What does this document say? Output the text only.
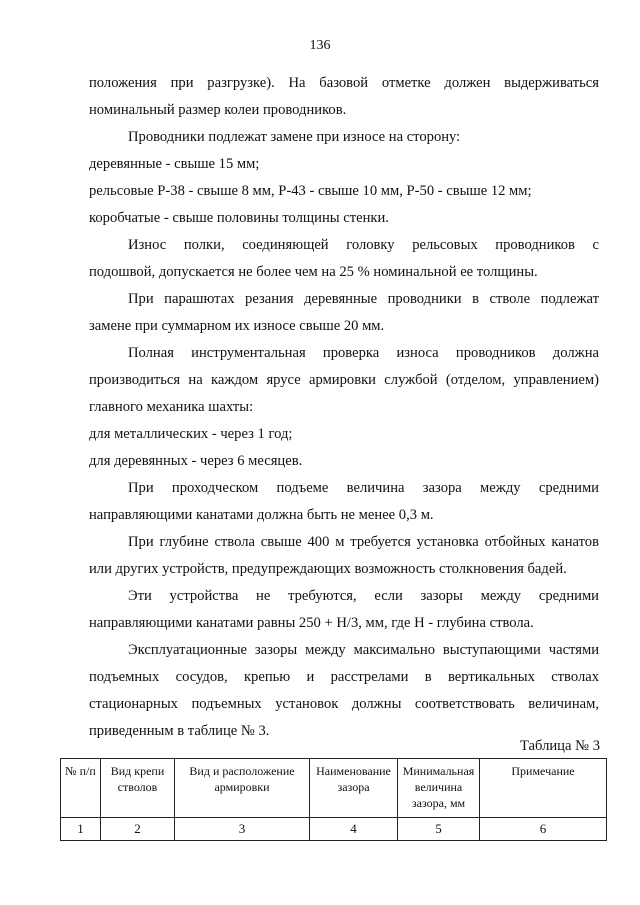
136
положения при разгрузке). На базовой отметке должен выдерживаться
номинальный размер колеи проводников.
Проводники подлежат замене при износе на сторону:
деревянные - свыше 15 мм;
рельсовые Р-38 - свыше 8 мм, Р-43 - свыше 10 мм, Р-50 - свыше 12 мм;
коробчатые - свыше половины толщины стенки.
Износ полки, соединяющей головку рельсовых проводников с
подошвой, допускается не более чем на 25 % номинальной ее толщины.
При парашютах резания деревянные проводники в стволе подлежат
замене при суммарном их износе свыше 20 мм.
Полная инструментальная проверка износа проводников должна
производиться на каждом ярусе армировки службой (отделом, управлением)
главного механика шахты:
для металлических - через 1 год;
для деревянных - через 6 месяцев.
При проходческом подъеме величина зазора между средними
направляющими канатами должна быть не менее 0,3 м.
При глубине ствола свыше 400 м требуется установка отбойных канатов
или других устройств, предупреждающих возможность столкновения бадей.
Эти устройства не требуются, если зазоры между средними
направляющими канатами равны 250 + Н/3, мм, где Н - глубина ствола.
Эксплуатационные зазоры между максимально выступающими частями
подъемных сосудов, крепью и расстрелами в вертикальных стволах
стационарных подъемных установок должны соответствовать величинам,
приведенным в таблице № 3.
Таблица № 3
№ п/п	Вид крепи стволов	Вид и расположение армировки	Наименование зазора	Минимальная величина зазора, мм	Примечание
1	2	3	4	5	6
